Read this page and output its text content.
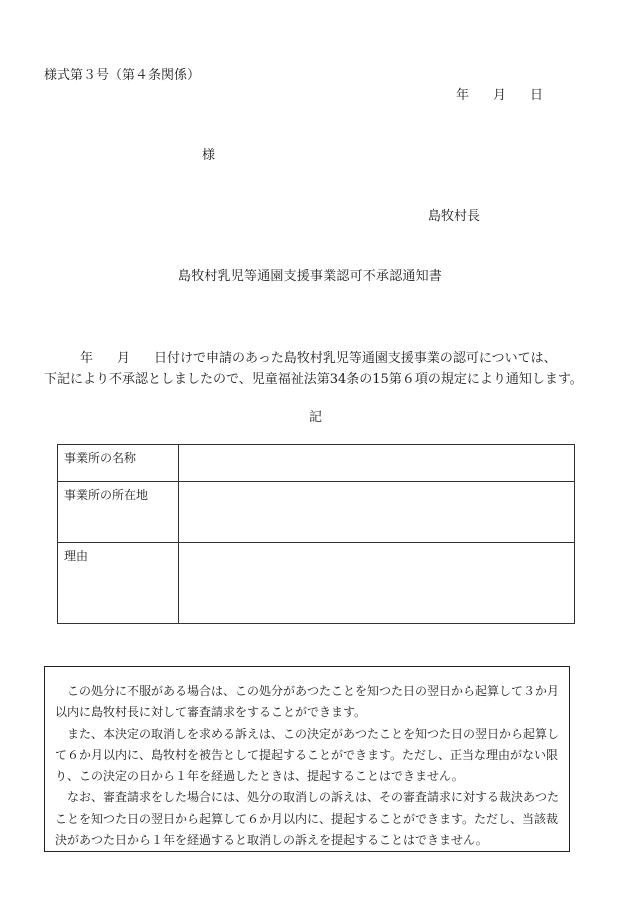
様式第３号（第４条関係）
年 月 日
様
島牧村長
島牧村乳児等通園支援事業認可不承認通知書
年 月 日付けで申請のあった島牧村乳児等通園支援事業の認可については、
下記により不承認としましたので、児童福祉法第34条の15第６項の規定により通知します。
記
事業所の名称	
事業所の所在地	
理由	

この処分に不服がある場合は、この処分があつたことを知つた日の翌日から起算して３か月

以内に島牧村長に対して審査請求をすることができます。

また、本決定の取消しを求める訴えは、この決定があつたことを知つた日の翌日から起算し

て６か月以内に、島牧村を被告として提起することができます。ただし、正当な理由がない限

り、この決定の日から１年を経過したときは、提起することはできません。

なお、審査請求をした場合には、処分の取消しの訴えは、その審査請求に対する裁決あつた

ことを知つた日の翌日から起算して６か月以内に、提起することができます。ただし、当該裁

決があつた日から１年を経過すると取消しの訴えを提起することはできません。
